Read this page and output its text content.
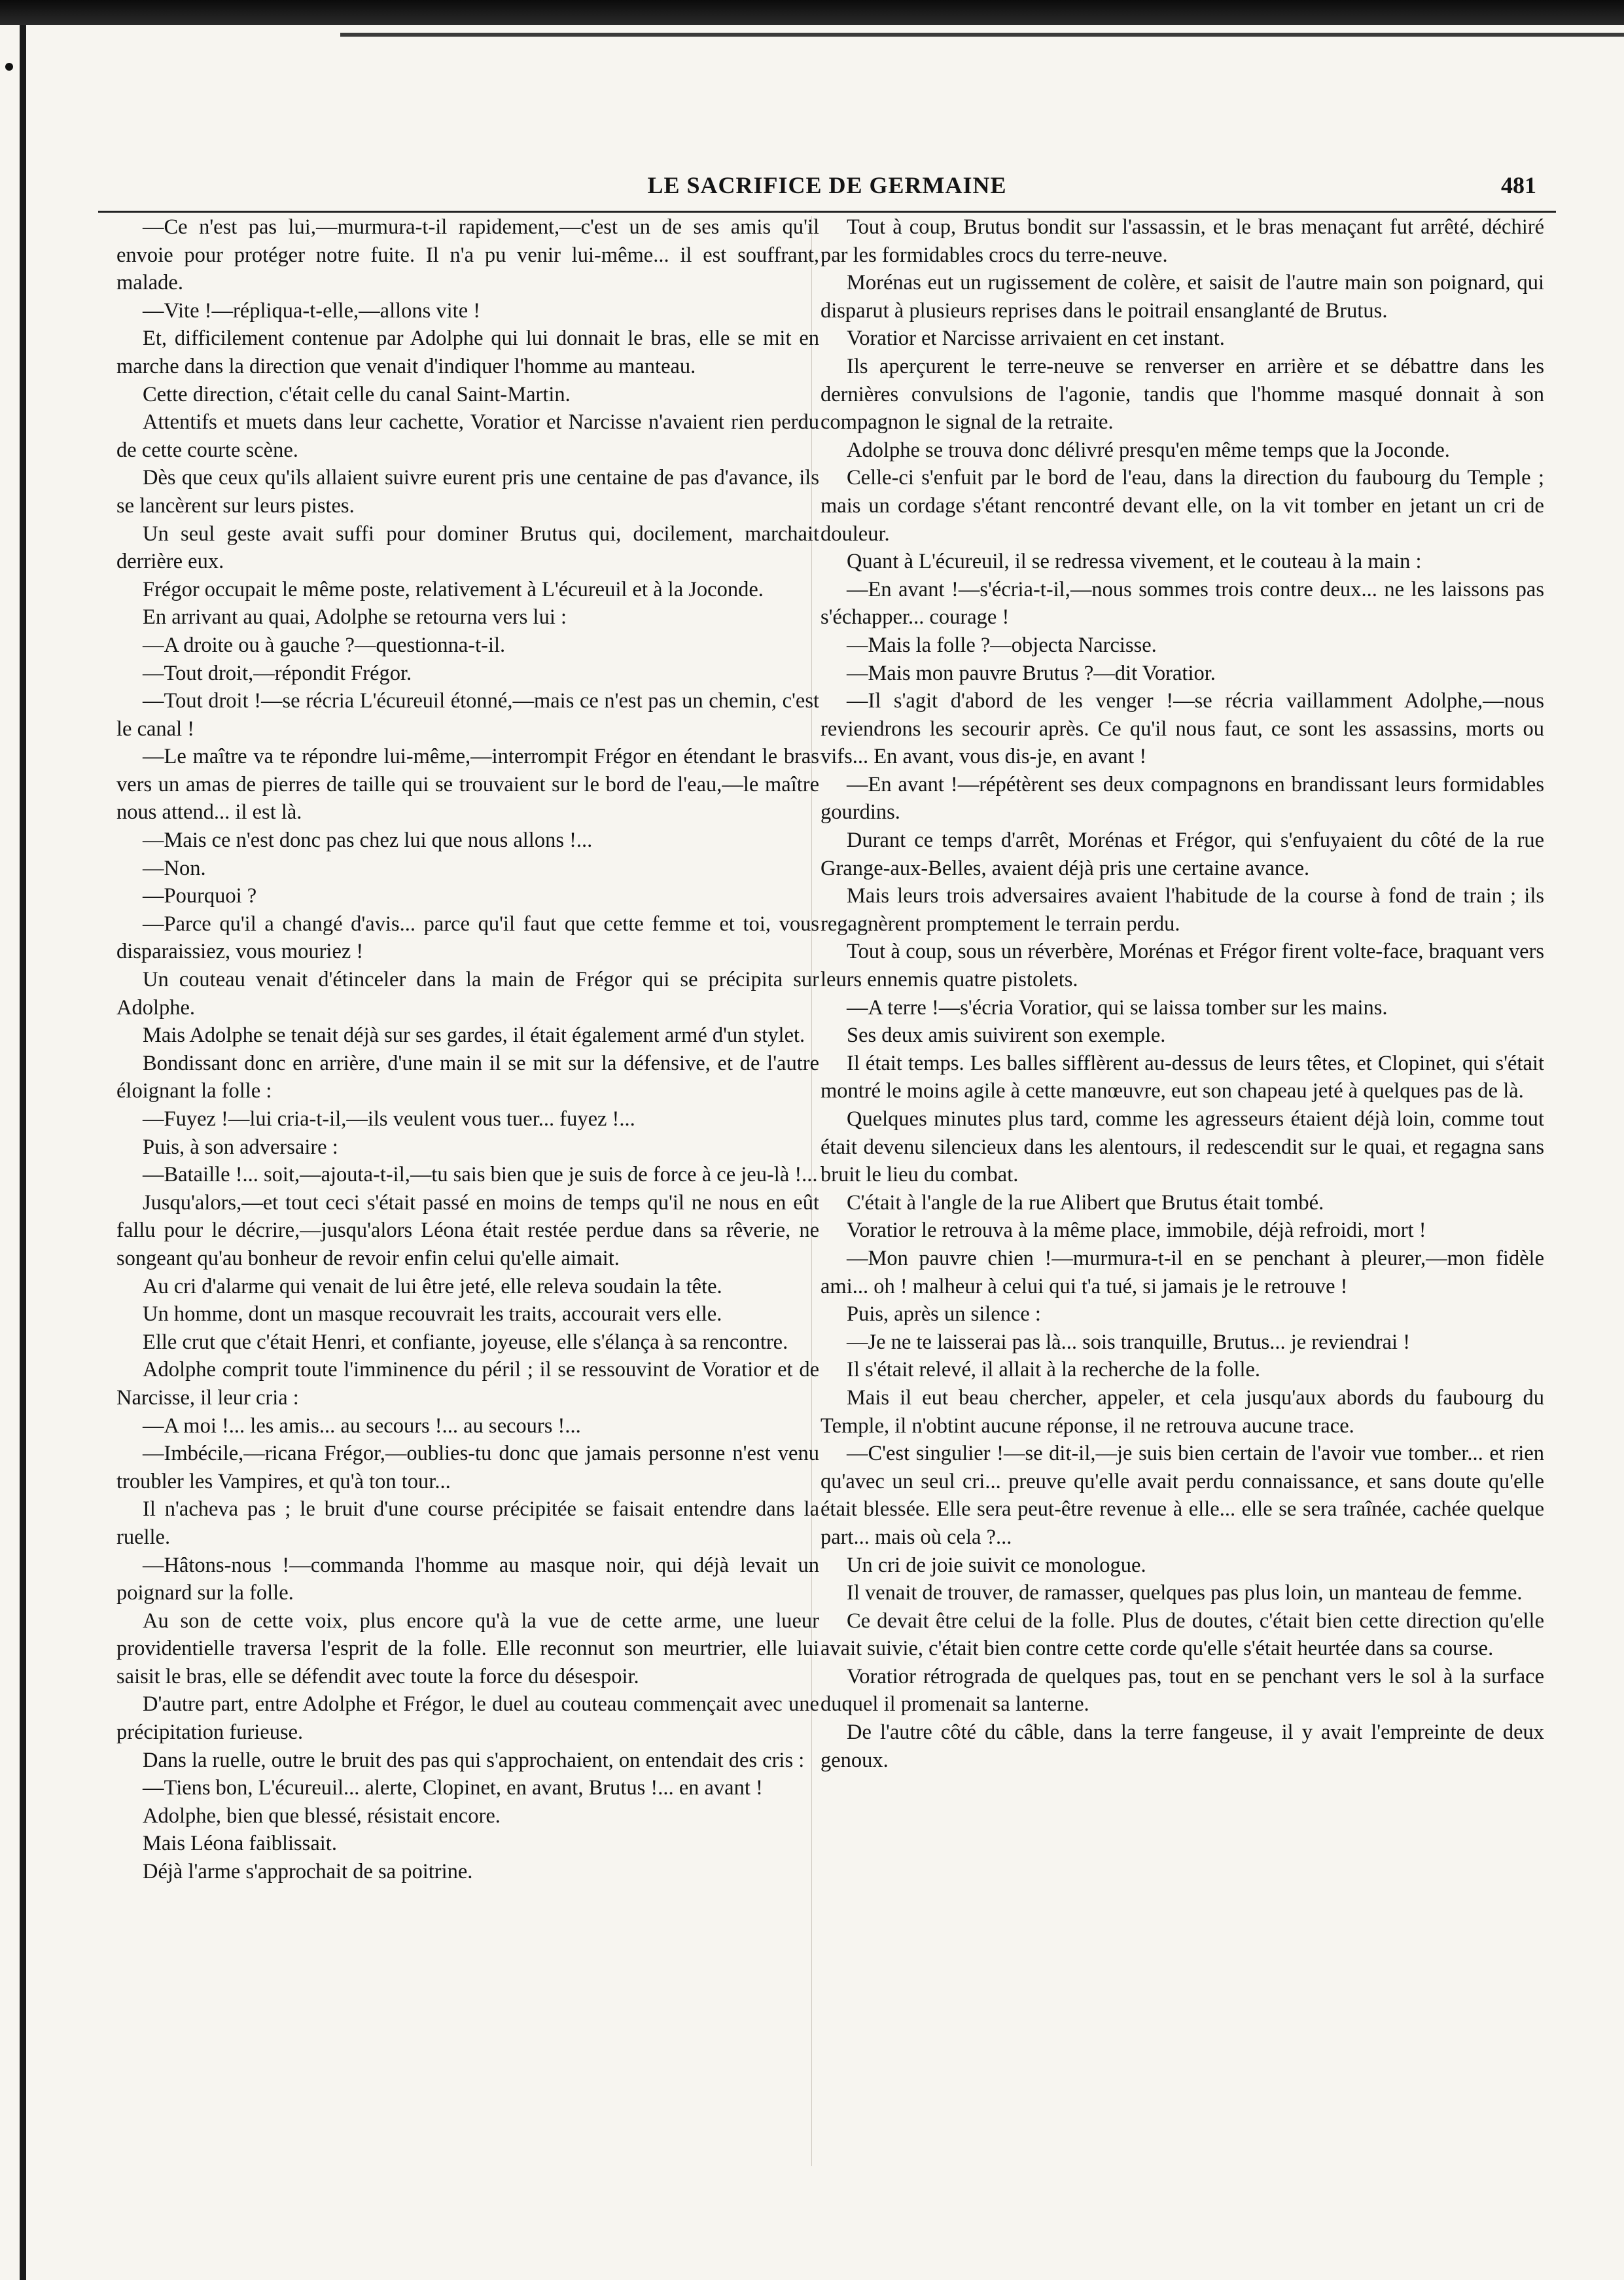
LE SACRIFICE DE GERMAINE	481

—Ce n'est pas lui,—murmura-t-il rapidement,—c'est un de ses amis qu'il envoie pour protéger notre fuite. Il n'a pu venir lui-même... il est souffrant, malade.

—Vite !—répliqua-t-elle,—allons vite !

Et, difficilement contenue par Adolphe qui lui donnait le bras, elle se mit en marche dans la direction que venait d'indiquer l'homme au manteau.

Cette direction, c'était celle du canal Saint-Martin.

Attentifs et muets dans leur cachette, Voratior et Narcisse n'avaient rien perdu de cette courte scène.

Dès que ceux qu'ils allaient suivre eurent pris une centaine de pas d'avance, ils se lancèrent sur leurs pistes.

Un seul geste avait suffi pour dominer Brutus qui, docilement, marchait derrière eux.

Frégor occupait le même poste, relativement à L'écureuil et à la Joconde.

En arrivant au quai, Adolphe se retourna vers lui :

—A droite ou à gauche ?—questionna-t-il.

—Tout droit,—répondit Frégor.

—Tout droit !—se récria L'écureuil étonné,—mais ce n'est pas un chemin, c'est le canal !

—Le maître va te répondre lui-même,—interrompit Frégor en étendant le bras vers un amas de pierres de taille qui se trouvaient sur le bord de l'eau,—le maître nous attend... il est là.

—Mais ce n'est donc pas chez lui que nous allons !...

—Non.

—Pourquoi ?

—Parce qu'il a changé d'avis... parce qu'il faut que cette femme et toi, vous disparaissiez, vous mouriez !

Un couteau venait d'étinceler dans la main de Frégor qui se précipita sur Adolphe.

Mais Adolphe se tenait déjà sur ses gardes, il était également armé d'un stylet.

Bondissant donc en arrière, d'une main il se mit sur la défensive, et de l'autre éloignant la folle :

—Fuyez !—lui cria-t-il,—ils veulent vous tuer... fuyez !...

Puis, à son adversaire :

—Bataille !... soit,—ajouta-t-il,—tu sais bien que je suis de force à ce jeu-là !...

Jusqu'alors,—et tout ceci s'était passé en moins de temps qu'il ne nous en eût fallu pour le décrire,—jusqu'alors Léona était restée perdue dans sa rêverie, ne songeant qu'au bonheur de revoir enfin celui qu'elle aimait.

Au cri d'alarme qui venait de lui être jeté, elle releva soudain la tête.

Un homme, dont un masque recouvrait les traits, accourait vers elle.

Elle crut que c'était Henri, et confiante, joyeuse, elle s'élança à sa rencontre.

Adolphe comprit toute l'imminence du péril ; il se ressouvint de Voratior et de Narcisse, il leur cria :

—A moi !... les amis... au secours !... au secours !...

—Imbécile,—ricana Frégor,—oublies-tu donc que jamais personne n'est venu troubler les Vampires, et qu'à ton tour...

Il n'acheva pas ; le bruit d'une course précipitée se faisait entendre dans la ruelle.

—Hâtons-nous !—commanda l'homme au masque noir, qui déjà levait un poignard sur la folle.

Au son de cette voix, plus encore qu'à la vue de cette arme, une lueur providentielle traversa l'esprit de la folle. Elle reconnut son meurtrier, elle lui saisit le bras, elle se défendit avec toute la force du désespoir.

D'autre part, entre Adolphe et Frégor, le duel au couteau commençait avec une précipitation furieuse.

Dans la ruelle, outre le bruit des pas qui s'approchaient, on entendait des cris :

—Tiens bon, L'écureuil... alerte, Clopinet, en avant, Brutus !... en avant !

Adolphe, bien que blessé, résistait encore.

Mais Léona faiblissait.

Déjà l'arme s'approchait de sa poitrine.

Tout à coup, Brutus bondit sur l'assassin, et le bras menaçant fut arrêté, déchiré par les formidables crocs du terre-neuve.

Morénas eut un rugissement de colère, et saisit de l'autre main son poignard, qui disparut à plusieurs reprises dans le poitrail ensanglanté de Brutus.

Voratior et Narcisse arrivaient en cet instant.

Ils aperçurent le terre-neuve se renverser en arrière et se débattre dans les dernières convulsions de l'agonie, tandis que l'homme masqué donnait à son compagnon le signal de la retraite.

Adolphe se trouva donc délivré presqu'en même temps que la Joconde.

Celle-ci s'enfuit par le bord de l'eau, dans la direction du faubourg du Temple ; mais un cordage s'étant rencontré devant elle, on la vit tomber en jetant un cri de douleur.

Quant à L'écureuil, il se redressa vivement, et le couteau à la main :

—En avant !—s'écria-t-il,—nous sommes trois contre deux... ne les laissons pas s'échapper... courage !

—Mais la folle ?—objecta Narcisse.

—Mais mon pauvre Brutus ?—dit Voratior.

—Il s'agit d'abord de les venger !—se récria vaillamment Adolphe,—nous reviendrons les secourir après. Ce qu'il nous faut, ce sont les assassins, morts ou vifs... En avant, vous dis-je, en avant !

—En avant !—répétèrent ses deux compagnons en brandissant leurs formidables gourdins.

Durant ce temps d'arrêt, Morénas et Frégor, qui s'enfuyaient du côté de la rue Grange-aux-Belles, avaient déjà pris une certaine avance.

Mais leurs trois adversaires avaient l'habitude de la course à fond de train ; ils regagnèrent promptement le terrain perdu.

Tout à coup, sous un réverbère, Morénas et Frégor firent volte-face, braquant vers leurs ennemis quatre pistolets.

—A terre !—s'écria Voratior, qui se laissa tomber sur les mains.

Ses deux amis suivirent son exemple.

Il était temps. Les balles sifflèrent au-dessus de leurs têtes, et Clopinet, qui s'était montré le moins agile à cette manœuvre, eut son chapeau jeté à quelques pas de là.

Quelques minutes plus tard, comme les agresseurs étaient déjà loin, comme tout était devenu silencieux dans les alentours, il redescendit sur le quai, et regagna sans bruit le lieu du combat.

C'était à l'angle de la rue Alibert que Brutus était tombé.

Voratior le retrouva à la même place, immobile, déjà refroidi, mort !

—Mon pauvre chien !—murmura-t-il en se penchant à pleurer,—mon fidèle ami... oh ! malheur à celui qui t'a tué, si jamais je le retrouve !

Puis, après un silence :

—Je ne te laisserai pas là... sois tranquille, Brutus... je reviendrai !

Il s'était relevé, il allait à la recherche de la folle.

Mais il eut beau chercher, appeler, et cela jusqu'aux abords du faubourg du Temple, il n'obtint aucune réponse, il ne retrouva aucune trace.

—C'est singulier !—se dit-il,—je suis bien certain de l'avoir vue tomber... et rien qu'avec un seul cri... preuve qu'elle avait perdu connaissance, et sans doute qu'elle était blessée. Elle sera peut-être revenue à elle... elle se sera traînée, cachée quelque part... mais où cela ?...

Un cri de joie suivit ce monologue.

Il venait de trouver, de ramasser, quelques pas plus loin, un manteau de femme.

Ce devait être celui de la folle. Plus de doutes, c'était bien cette direction qu'elle avait suivie, c'était bien contre cette corde qu'elle s'était heurtée dans sa course.

Voratior rétrograda de quelques pas, tout en se penchant vers le sol à la surface duquel il promenait sa lanterne.

De l'autre côté du câble, dans la terre fangeuse, il y avait l'empreinte de deux genoux.
